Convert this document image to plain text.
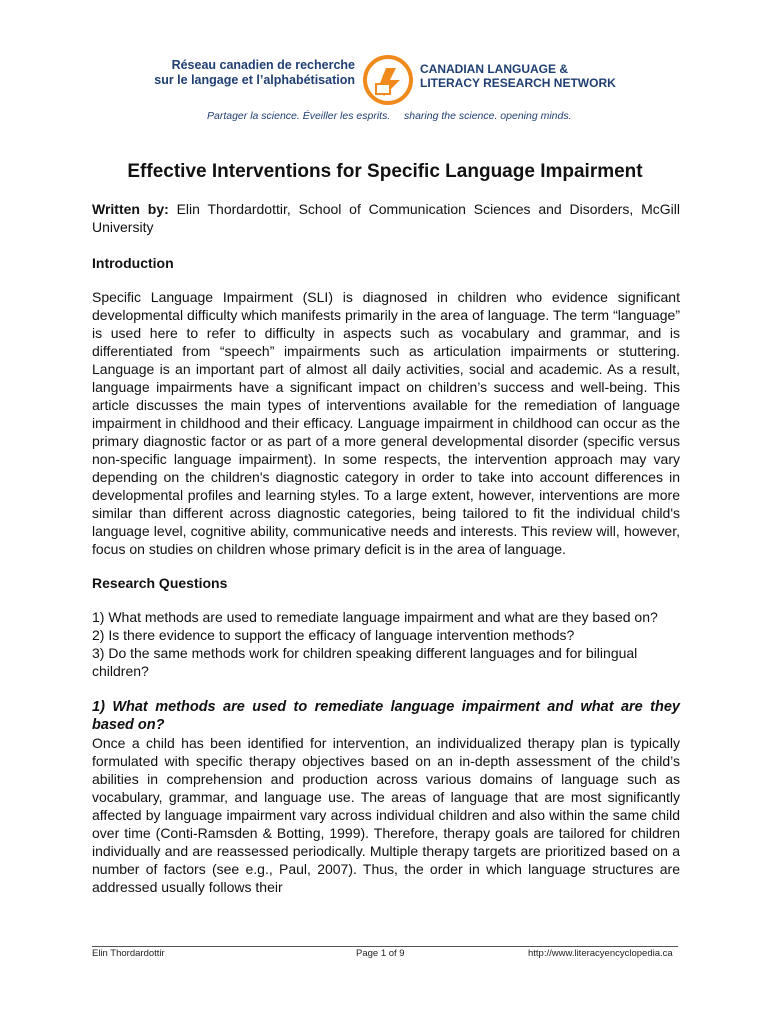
Réseau canadien de recherche
sur le langage et l’alphabétisation
CANADIAN LANGUAGE &
LITERACY RESEARCH NETWORK
Partager la science. Éveiller les esprits. sharing the science. opening minds.
Effective Interventions for Specific Language Impairment

Written by: Elin Thordardottir, School of Communication Sciences and Disorders, McGill University

Introduction

Specific Language Impairment (SLI) is diagnosed in children who evidence significant developmental difficulty which manifests primarily in the area of language. The term “language” is used here to refer to difficulty in aspects such as vocabulary and grammar, and is differentiated from “speech” impairments such as articulation impairments or stuttering. Language is an important part of almost all daily activities, social and academic. As a result, language impairments have a significant impact on children’s success and well-being. This article discusses the main types of interventions available for the remediation of language impairment in childhood and their efficacy. Language impairment in childhood can occur as the primary diagnostic factor or as part of a more general developmental disorder (specific versus non-specific language impairment). In some respects, the intervention approach may vary depending on the children's diagnostic category in order to take into account differences in developmental profiles and learning styles. To a large extent, however, interventions are more similar than different across diagnostic categories, being tailored to fit the individual child's language level, cognitive ability, communicative needs and interests. This review will, however, focus on studies on children whose primary deficit is in the area of language.

Research Questions

1) What methods are used to remediate language impairment and what are they based on?

2) Is there evidence to support the efficacy of language intervention methods?

3) Do the same methods work for children speaking different languages and for bilingual children?

1) What methods are used to remediate language impairment and what are they based on?

Once a child has been identified for intervention, an individualized therapy plan is typically formulated with specific therapy objectives based on an in-depth assessment of the child’s abilities in comprehension and production across various domains of language such as vocabulary, grammar, and language use. The areas of language that are most significantly affected by language impairment vary across individual children and also within the same child over time (Conti-Ramsden & Botting, 1999). Therefore, therapy goals are tailored for children individually and are reassessed periodically. Multiple therapy targets are prioritized based on a number of factors (see e.g., Paul, 2007). Thus, the order in which language structures are addressed usually follows their

Elin Thordardottir	Page 1 of 9	http://www.literacyencyclopedia.ca
